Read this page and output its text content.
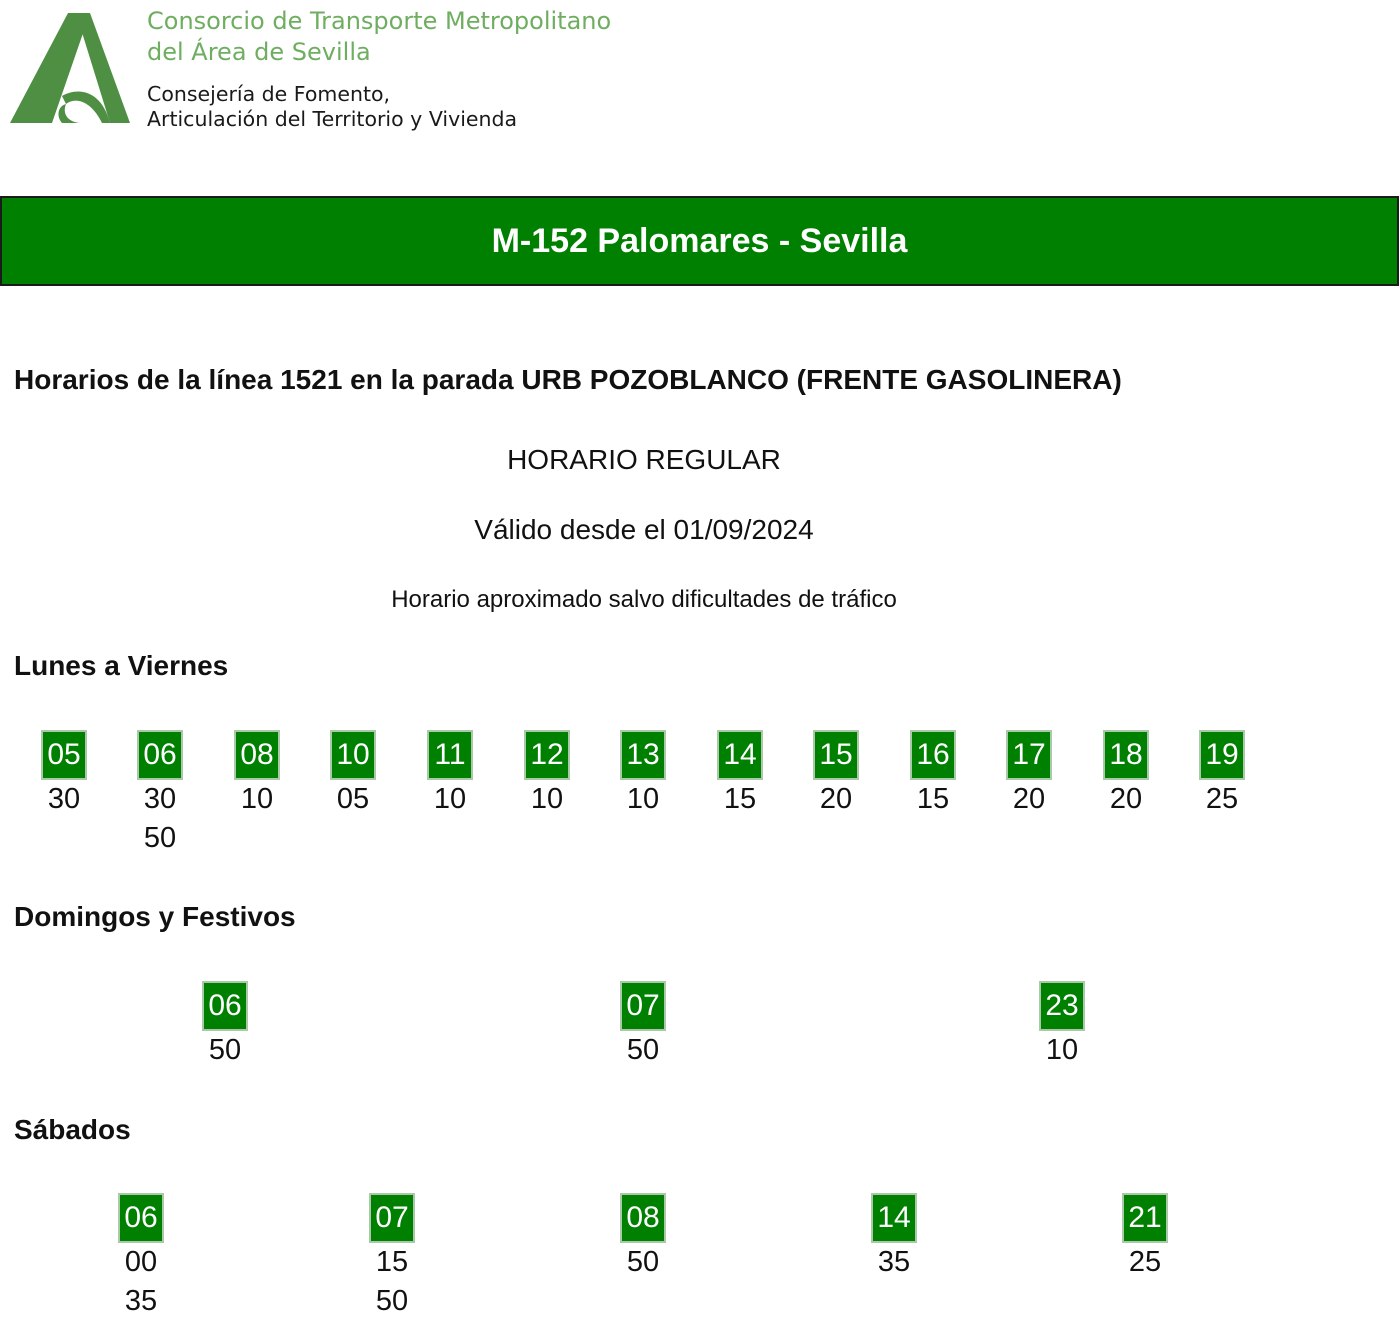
Consorcio de Transporte Metropolitano
del Área de Sevilla
Consejería de Fomento,
Articulación del Territorio y Vivienda
M-152 Palomares - Sevilla
Horarios de la línea 1521 en la parada URB POZOBLANCO (FRENTE GASOLINERA)
HORARIO REGULAR
Válido desde el 01/09/2024
Horario aproximado salvo dificultades de tráfico
Lunes a Viernes
05
30
06
30
50
08
10
10
05
11
10
12
10
13
10
14
15
15
20
16
15
17
20
18
20
19
25
Domingos y Festivos
06
50
07
50
23
10
Sábados
06
00
35
07
15
50
08
50
14
35
21
25
